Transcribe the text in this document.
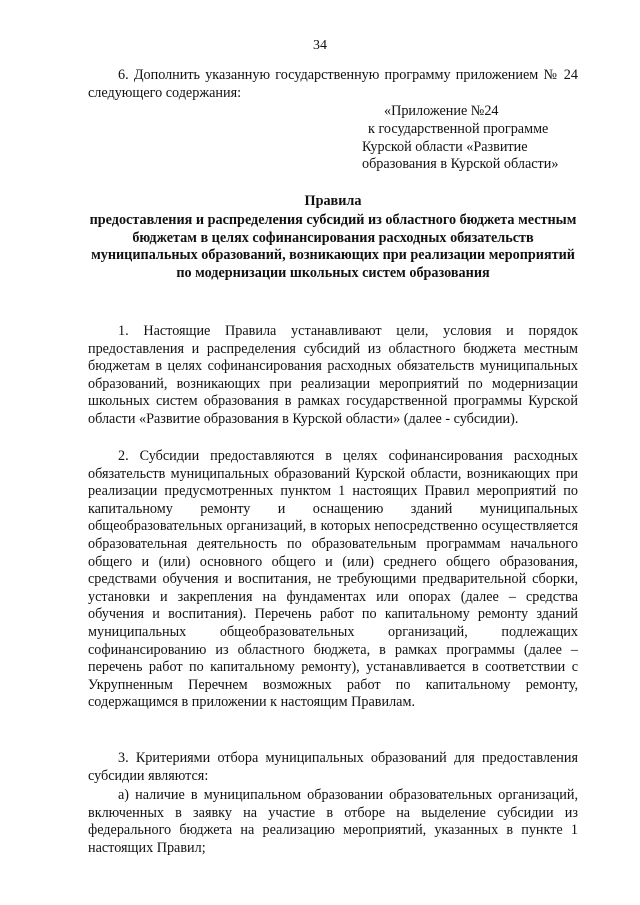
34

6. Дополнить указанную государственную программу приложением № 24 следующего содержания:

«Приложение №24
к государственной программе
Курской области «Развитие
образования в Курской области»
Правила
предоставления и распределения субсидий из областного бюджета местным бюджетам в целях софинансирования расходных обязательств муниципальных образований, возникающих при реализации мероприятий по модернизации школьных систем образования

1. Настоящие Правила устанавливают цели, условия и порядок предоставления и распределения субсидий из областного бюджета местным бюджетам в целях софинансирования расходных обязательств муниципальных образований, возникающих при реализации мероприятий по модернизации школьных систем образования в рамках государственной программы Курской области «Развитие образования в Курской области» (далее - субсидии).

2. Субсидии предоставляются в целях софинансирования расходных обязательств муниципальных образований Курской области, возникающих при реализации предусмотренных пунктом 1 настоящих Правил мероприятий по капитальному ремонту и оснащению зданий муниципальных общеобразовательных организаций, в которых непосредственно осуществляется образовательная деятельность по образовательным программам начального общего и (или) основного общего и (или) среднего общего образования, средствами обучения и воспитания, не требующими предварительной сборки, установки и закрепления на фундаментах или опорах (далее – средства обучения и воспитания). Перечень работ по капитальному ремонту зданий муниципальных общеобразовательных организаций, подлежащих софинансированию из областного бюджета, в рамках программы (далее – перечень работ по капитальному ремонту), устанавливается в соответствии с Укрупненным Перечнем возможных работ по капитальному ремонту, содержащимся в приложении к настоящим Правилам.

3. Критериями отбора муниципальных образований для предоставления субсидии являются:

а) наличие в муниципальном образовании образовательных организаций, включенных в заявку на участие в отборе на выделение субсидии из федерального бюджета на реализацию мероприятий, указанных в пункте 1 настоящих Правил;
